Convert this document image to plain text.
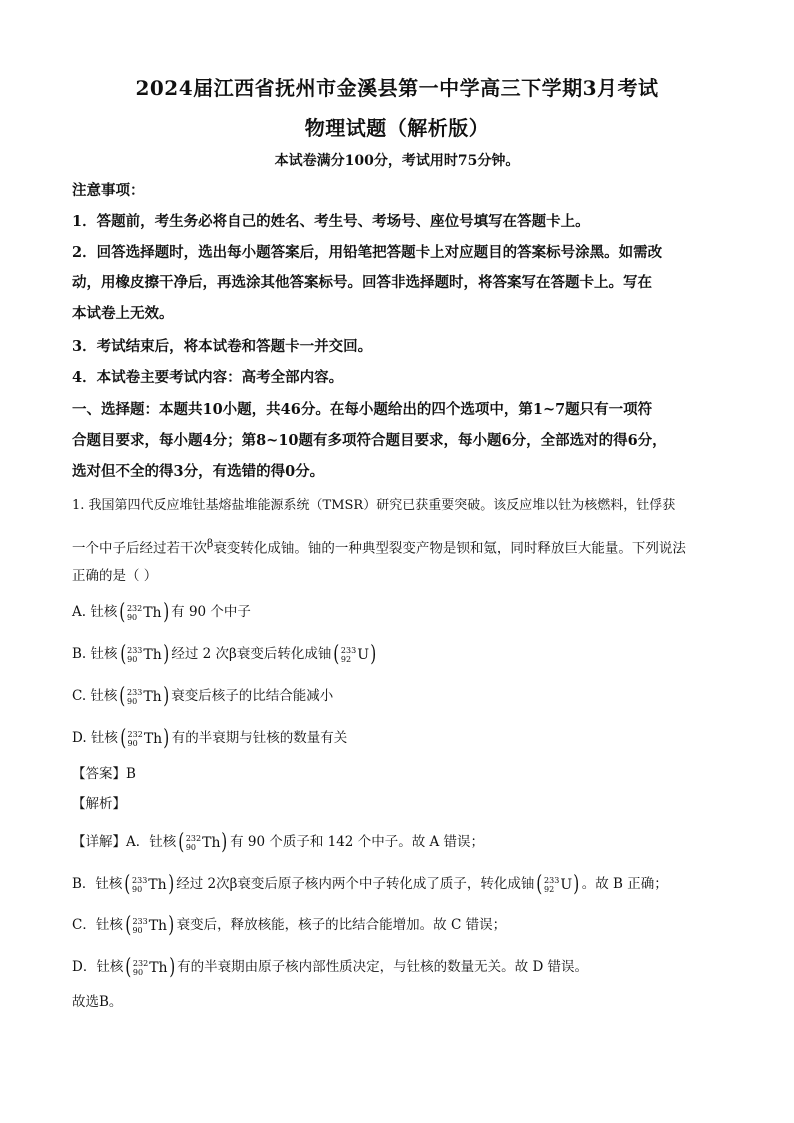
2024届江西省抚州市金溪县第一中学高三下学期3月考试
物理试题（解析版）
本试卷满分100分，考试用时75分钟。
注意事项：
1．答题前，考生务必将自己的姓名、考生号、考场号、座位号填写在答题卡上。
2．回答选择题时，选出每小题答案后，用铅笔把答题卡上对应题目的答案标号涂黑。如需改
动，用橡皮擦干净后，再选涂其他答案标号。回答非选择题时，将答案写在答题卡上。写在
本试卷上无效。
3．考试结束后，将本试卷和答题卡一并交回。
4．本试卷主要考试内容：高考全部内容。
一、选择题：本题共10小题，共46分。在每小题给出的四个选项中，第1~7题只有一项符
合题目要求，每小题4分；第8~10题有多项符合题目要求，每小题6分，全部选对的得6分，
选对但不全的得3分，有选错的得0分。
1. 我国第四代反应堆钍基熔盐堆能源系统（TMSR）研究已获重要突破。该反应堆以钍为核燃料，钍俘获
一个中子后经过若干次$^\beta$衰变转化成铀。铀的一种典型裂变产物是钡和氪，同时释放巨大能量。下列说法
正确的是（ ）
A. 钍核 ( 232
90 Th ) 有 90 个中子
B. 钍核 ( 233
90 Th ) 经过 2 次β衰变后转化成铀 ( 233
92 U )
C. 钍核 ( 233
90 Th ) 衰变后核子的比结合能减小
D. 钍核 ( 232
90 Th ) 有的半衰期与钍核的数量有关
【答案】B
【解析】
【详解】A．钍核 ( 232
90 Th ) 有 90 个质子和 142 个中子。故 A 错误；
B．钍核 ( 233
90 Th ) 经过 2次β衰变后原子核内两个中子转化成了质子，转化成铀 ( 233
92 U ) 。故 B 正确；
C．钍核 ( 233
90 Th ) 衰变后，释放核能，核子的比结合能增加。故 C 错误；
D．钍核 ( 232
90 Th ) 有的半衰期由原子核内部性质决定，与钍核的数量无关。故 D 错误。
故选B。
